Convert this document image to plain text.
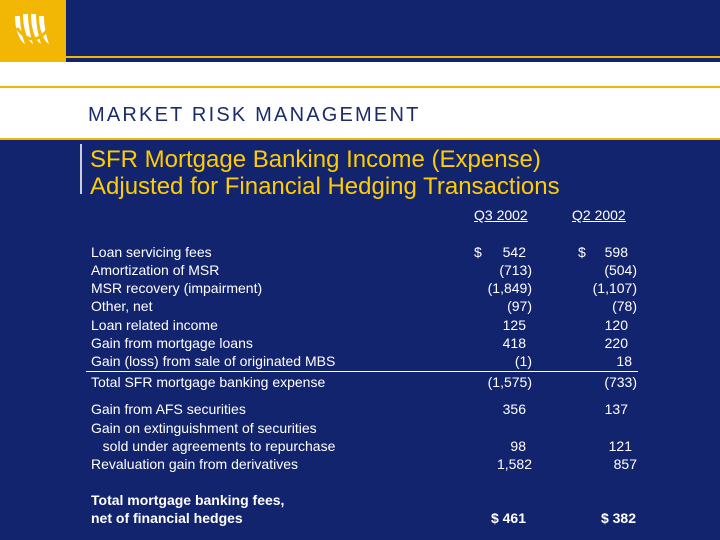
MARKET RISK MANAGEMENT
SFR Mortgage Banking Income (Expense)
Adjusted for Financial Hedging Transactions
Q3 2002	Q2 2002
Loan servicing fees	$	542	$	598
Amortization of MSR	(713)	(504)
MSR recovery (impairment)	(1,849)	(1,107)
Other, net	(97)	(78)
Loan related income	125	120
Gain from mortgage loans	418	220
Gain (loss) from sale of originated MBS	(1)	18
Total SFR mortgage banking expense	(1,575)	(733)
Gain from AFS securities	356	137
Gain on extinguishment of securities
sold under agreements to repurchase	98	121
Revaluation gain from derivatives	1,582	857
Total mortgage banking fees,
net of financial hedges	$ 461	$ 382
